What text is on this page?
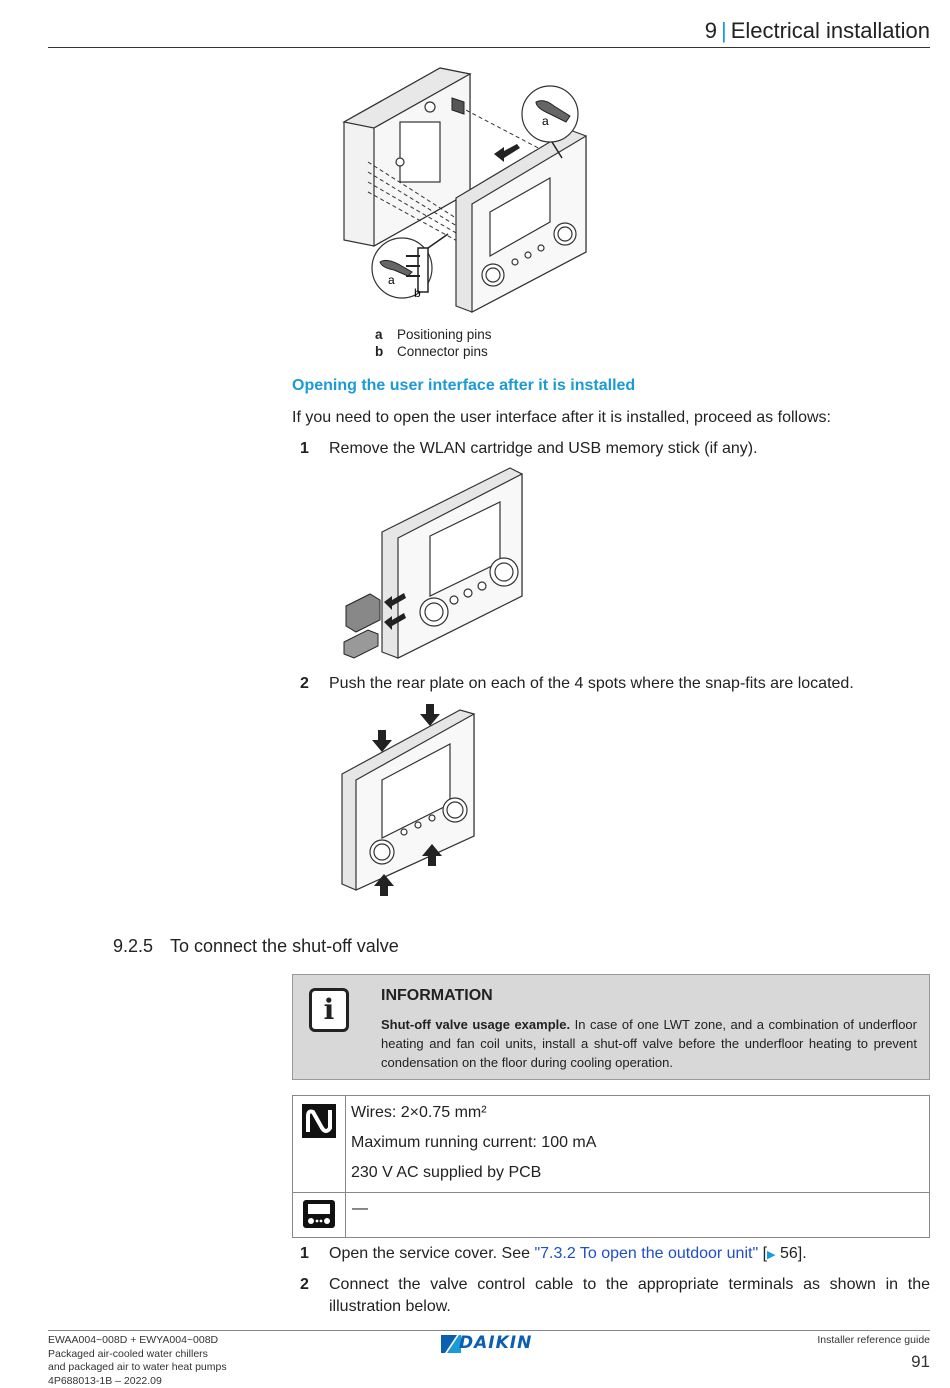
9 | Electrical installation
a
a
b
a Positioning pins
b Connector pins
Opening the user interface after it is installed
If you need to open the user interface after it is installed, proceed as follows:
1 Remove the WLAN cartridge and USB memory stick (if any).
2 Push the rear plate on each of the 4 spots where the snap-fits are located.
9.2.5 To connect the shut-off valve
i	INFORMATION
Shut-off valve usage example. In case of one LWT zone, and a combination of underfloor heating and fan coil units, install a shut-off valve before the underfloor heating to prevent condensation on the floor during cooling operation.

Wires: 2×0.75 mm²
Maximum running current: 100 mA
230 V AC supplied by PCB

—
1 Open the service cover. See "7.3.2 To open the outdoor unit" [▶ 56].
2 Connect the valve control cable to the appropriate terminals as shown in the illustration below.
EWAA004~008D + EWYA004~008D
Packaged air-cooled water chillers
and packaged air to water heat pumps
4P688013-1B – 2022.09
DAIKIN	Installer reference guide
91
